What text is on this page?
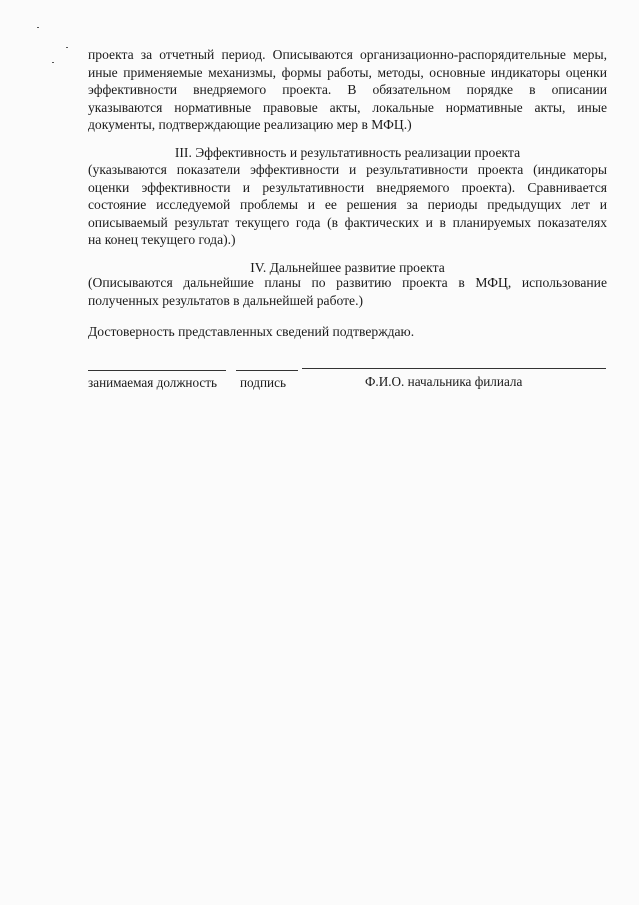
проекта за отчетный период. Описываются организационно-распорядительные меры,

иные применяемые механизмы, формы работы, методы, основные индикаторы оценки

эффективности внедряемого проекта. В обязательном порядке в описании

указываются нормативные правовые акты, локальные нормативные акты, иные

документы, подтверждающие реализацию мер в МФЦ.)

III. Эффективность и результативность реализации проекта

(указываются показатели эффективности и результативности проекта (индикаторы

оценки эффективности и результативности внедряемого проекта). Сравнивается

состояние исследуемой проблемы и ее решения за периоды предыдущих лет и

описываемый результат текущего года (в фактических и в планируемых показателях

на конец текущего года).)

IV. Дальнейшее развитие проекта

(Описываются дальнейшие планы по развитию проекта в МФЦ, использование

полученных результатов в дальнейшей работе.)

Достоверность представленных сведений подтверждаю.
занимаемая должность подпись	Ф.И.О. начальника филиала
